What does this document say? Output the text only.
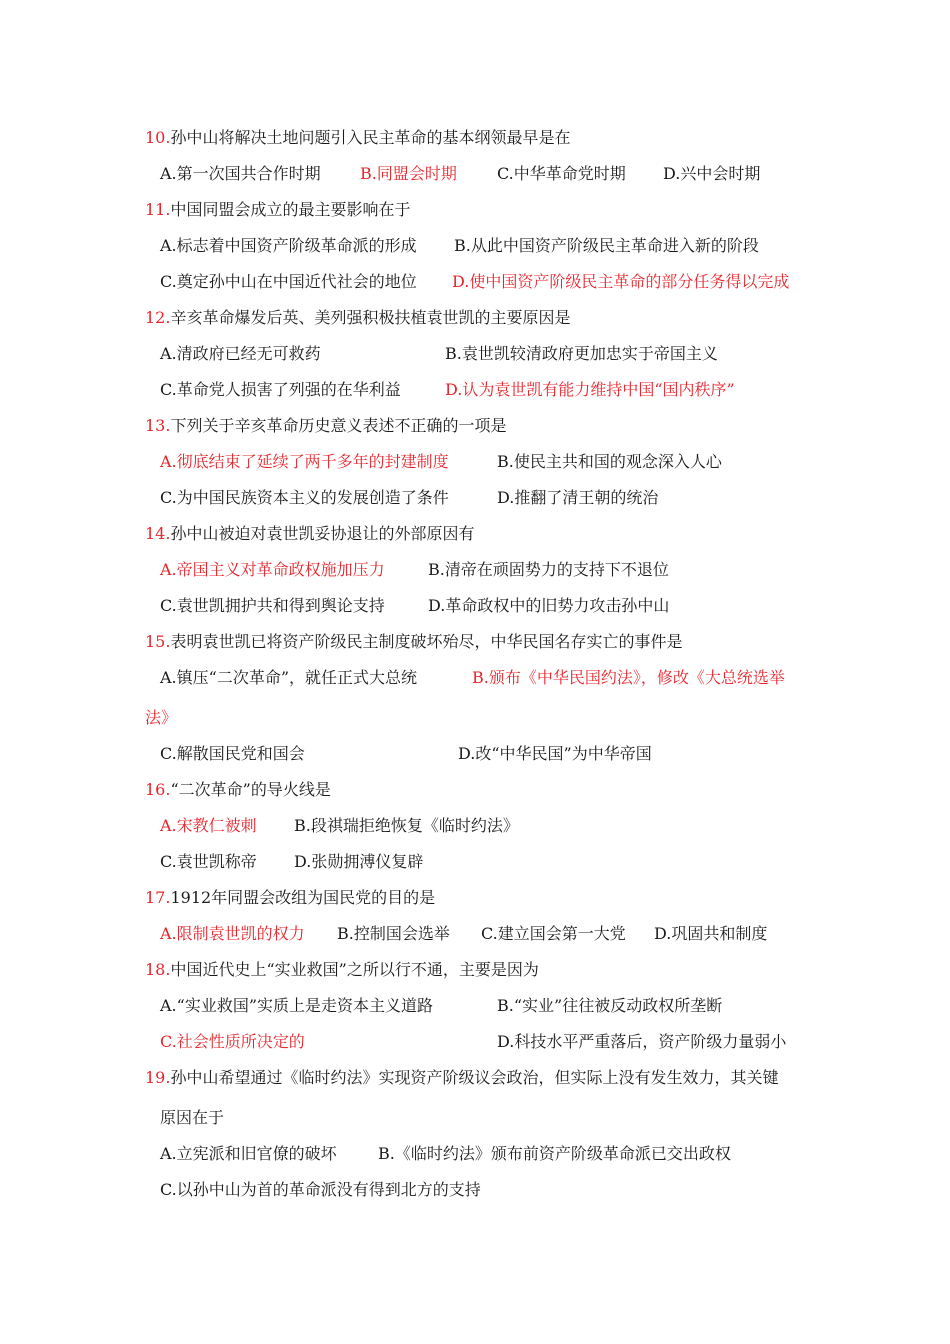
10.孙中山将解决土地问题引入民主革命的基本纲领最早是在
A.第一次国共合作时期 B.同盟会时期	C.中华革命党时期 D.兴中会时期
11.中国同盟会成立的最主要影响在于
A.标志着中国资产阶级革命派的形成 B.从此中国资产阶级民主革命进入新的阶段
C.奠定孙中山在中国近代社会的地位 D.使中国资产阶级民主革命的部分任务得以完成
12.辛亥革命爆发后英、美列强积极扶植袁世凯的主要原因是
A.清政府已经无可救药	B.袁世凯较清政府更加忠实于帝国主义
C.革命党人损害了列强的在华利益	D.认为袁世凯有能力维持中国“国内秩序”
13.下列关于辛亥革命历史意义表述不正确的一项是
A.彻底结束了延续了两千多年的封建制度	B.使民主共和国的观念深入人心
C.为中国民族资本主义的发展创造了条件	D.推翻了清王朝的统治
14.孙中山被迫对袁世凯妥协退让的外部原因有
A.帝国主义对革命政权施加压力	B.清帝在顽固势力的支持下不退位
C.袁世凯拥护共和得到舆论支持	D.革命政权中的旧势力攻击孙中山
15.表明袁世凯已将资产阶级民主制度破坏殆尽，中华民国名存实亡的事件是
A.镇压“二次革命”，就任正式大总统	B.颁布《中华民国约法》，修改《大总统选举
法》
C.解散国民党和国会	D.改“中华民国”为中华帝国
16.“二次革命”的导火线是
A.宋教仁被刺 B.段祺瑞拒绝恢复《临时约法》
C.袁世凯称帝 D.张勋拥溥仪复辟
17.1912年同盟会改组为国民党的目的是
A.限制袁世凯的权力 B.控制国会选举 C.建立国会第一大党 D.巩固共和制度
18.中国近代史上“实业救国”之所以行不通，主要是因为
A.“实业救国”实质上是走资本主义道路	B.“实业”往往被反动政权所垄断
C.社会性质所决定的	D.科技水平严重落后，资产阶级力量弱小
19.孙中山希望通过《临时约法》实现资产阶级议会政治，但实际上没有发生效力，其关键
原因在于
A.立宪派和旧官僚的破坏	B.《临时约法》颁布前资产阶级革命派已交出政权
C.以孙中山为首的革命派没有得到北方的支持
